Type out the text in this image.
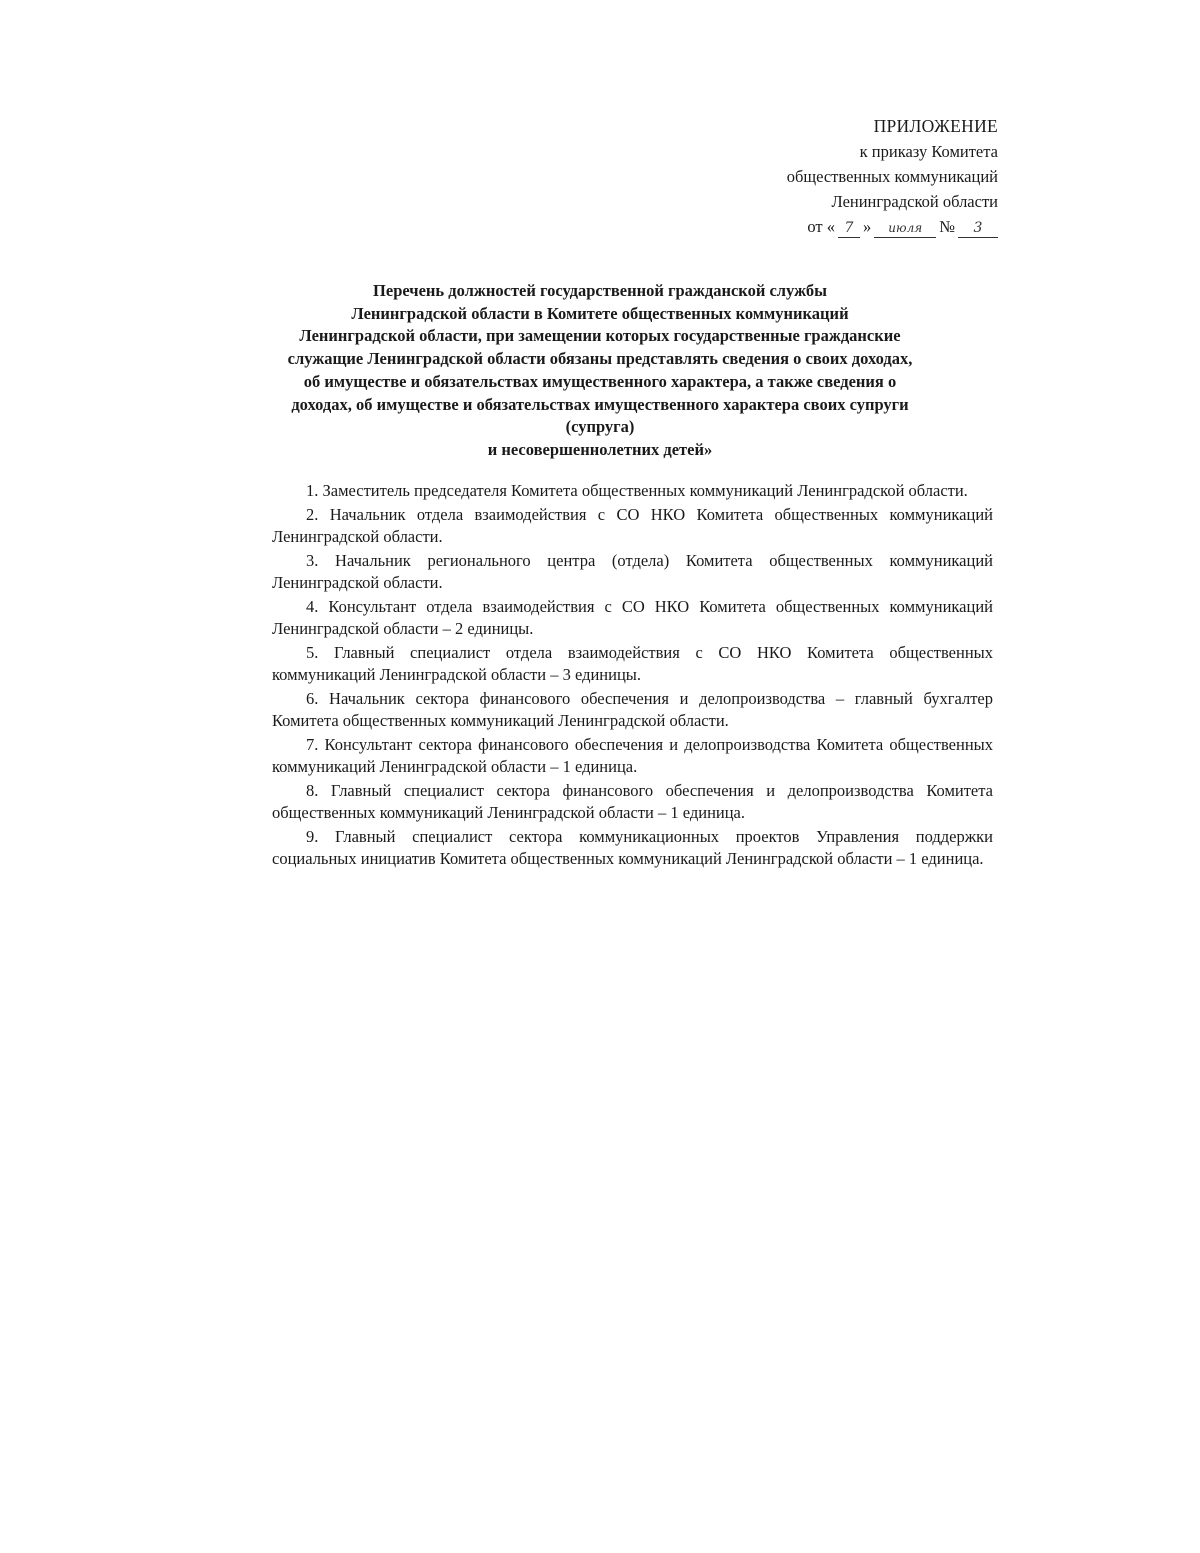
ПРИЛОЖЕНИЕ
к приказу Комитета
общественных коммуникаций
Ленинградской области
от « 7 »	июля	№	3
Перечень должностей государственной гражданской службы
Ленинградской области в Комитете общественных коммуникаций
Ленинградской области, при замещении которых государственные гражданские
служащие Ленинградской области обязаны представлять сведения о своих доходах,
об имуществе и обязательствах имущественного характера, а также сведения о
доходах, об имуществе и обязательствах имущественного характера своих супруги
(супруга)
и несовершеннолетних детей»
1. Заместитель председателя Комитета общественных коммуникаций Ленинградской области.
2. Начальник отдела взаимодействия с СО НКО Комитета общественных коммуникаций Ленинградской области.
3. Начальник регионального центра (отдела) Комитета общественных коммуникаций Ленинградской области.
4. Консультант отдела взаимодействия с СО НКО Комитета общественных коммуникаций Ленинградской области – 2 единицы.
5. Главный специалист отдела взаимодействия с СО НКО Комитета общественных коммуникаций Ленинградской области – 3 единицы.
6. Начальник сектора финансового обеспечения и делопроизводства – главный бухгалтер Комитета общественных коммуникаций Ленинградской области.
7. Консультант сектора финансового обеспечения и делопроизводства Комитета общественных коммуникаций Ленинградской области – 1 единица.
8. Главный специалист сектора финансового обеспечения и делопроизводства Комитета общественных коммуникаций Ленинградской области – 1 единица.
9. Главный специалист сектора коммуникационных проектов Управления поддержки социальных инициатив Комитета общественных коммуникаций Ленинградской области – 1 единица.
